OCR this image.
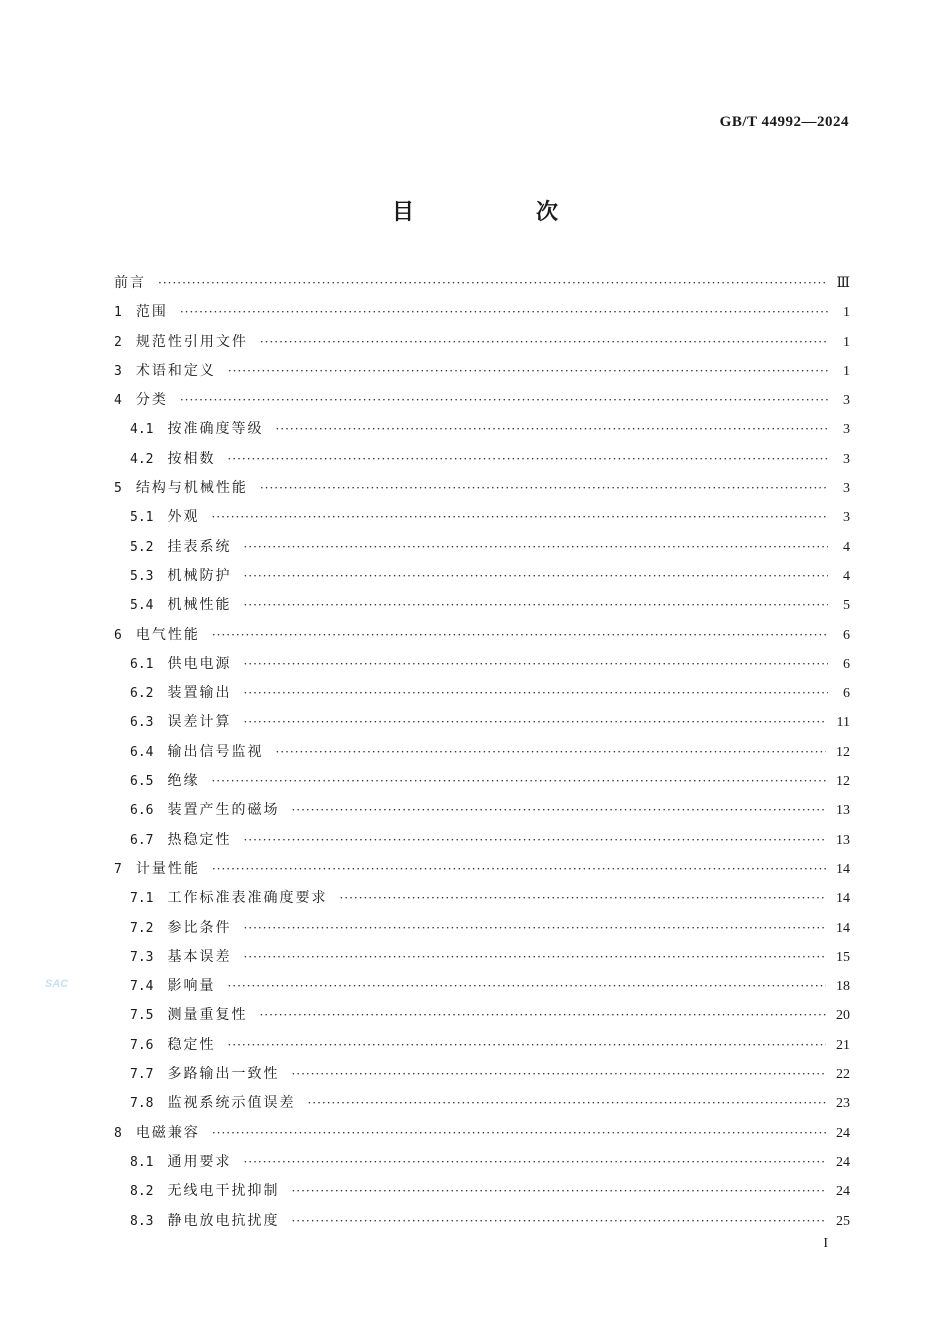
GB/T 44992—2024
目　次
SAC
前言 ·····	Ⅲ
1 范围 ·····	1
2 规范性引用文件 ·····	1
3 术语和定义 ·····	1
4 分类 ·····	3
4.1 按准确度等级 ·····	3
4.2 按相数 ·····	3
5 结构与机械性能 ·····	3
5.1 外观 ·····	3
5.2 挂表系统 ·····	4
5.3 机械防护 ·····	4
5.4 机械性能 ·····	5
6 电气性能 ·····	6
6.1 供电电源 ·····	6
6.2 装置输出 ·····	6
6.3 误差计算 ·····	11
6.4 输出信号监视 ·····	12
6.5 绝缘 ·····	12
6.6 装置产生的磁场 ·····	13
6.7 热稳定性 ·····	13
7 计量性能 ·····	14
7.1 工作标准表准确度要求 ·····	14
7.2 参比条件 ·····	14
7.3 基本误差 ·····	15
7.4 影响量 ·····	18
7.5 测量重复性 ·····	20
7.6 稳定性 ·····	21
7.7 多路输出一致性 ·····	22
7.8 监视系统示值误差 ·····	23
8 电磁兼容 ·····	24
8.1 通用要求 ·····	24
8.2 无线电干扰抑制 ·····	24
8.3 静电放电抗扰度 ·····	25
I
